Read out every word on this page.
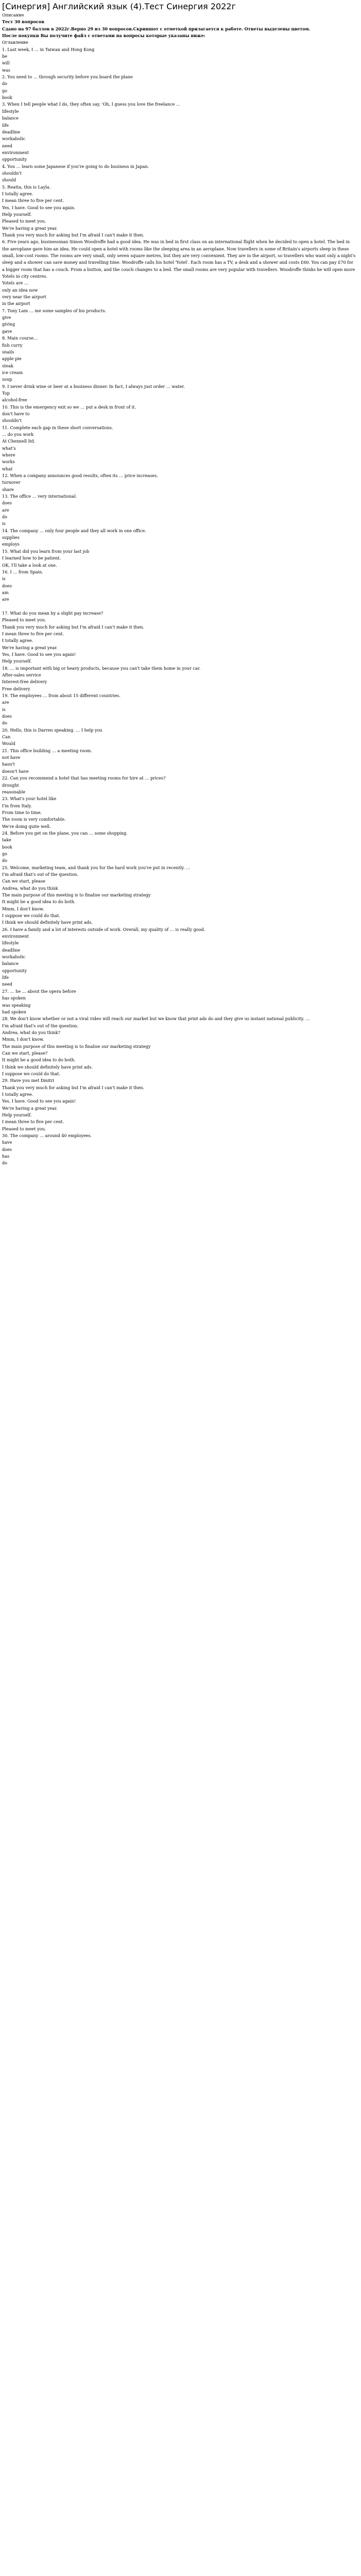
[Синергия] Английский язык (4).Тест Синергия 2022г

Описание

Тест 30 вопросов

Сдано на 97 баллов в 2022г.Верно 29 из 30 вопросов.Скриншот с отметкой прилагается к работе. Ответы выделены цветом.

После покупки Вы получите файл с ответами на вопросы которые указаны ниже:

Оглавление

1. Last week, I … in Taiwan and Hong Kong

be

will

was

2. You need to … through security before you board the plane

do

go

book

3. When I tell people what I do, they often say, 'Oh, I guess you love the freelance …

lifestyle

balance

life

deadline

workaholic

need

environment

opportunity

4. You … learn some Japanese if you're going to do business in Japan.

shouldn't

should

5. Reatta, this is Layla.

I totally agree.

I mean three to five per cent.

Yes, I have. Good to see you again.

Help yourself.

Pleased to meet you.

We're having a great year.

Thank you very much for asking but I'm afraid I can't make it then.

6. Five years ago, businessman Simon Woodroffe had a good idea. He was in bed in first class on an international flight when he decided to open a hotel. The bed in the aeroplane gave him an idea. He could open a hotel with rooms like the sleeping area in an aeroplane. Now travellers in some of Britain's airports sleep in these small, low-cost rooms. The rooms are very small, only seven square metres, but they are very convenient. They are in the airport, so travellers who want only a night's sleep and a shower can save money and travelling time. Woodroffe calls his hotel 'Yotel'. Each room has a TV, a desk and a shower and costs £60. You can pay £70 for a bigger room that has a couch. From a button, and the couch changes to a bed. The small rooms are very popular with travellers. Woodroffe thinks he will open more Yotels in city centres.

Yotels are …

only an idea now

very near the airport

in the airport

7. Tony Lam … me some samples of his products.

give

giving

gave

8. Main course…

fish curry

snails

apple pie

steak

ice cream

soup

9. I never drink wine or beer at a business dinner. In fact, I always just order … water.

Top

alcohol-free

10. This is the emergency exit so we … put a desk in front of it.

don't have to

shouldn't

11. Complete each gap in these short conversations.

… do you work

At Chennell ltd.

what's

where

works

what

12. When a company announces good results, often its … price increases.

turnover

share

13. The office … very international.

does

are

do

is

14. The company … only four people and they all work in one office.

supplies

employs

15. What did you learn from your last job

I learned how to be patient.

OK, I'll take a look at one.

16. I … from Spain.

is

does

am

are

17. What do you mean by a slight pay increase?

Pleased to meet you.

Thank you very much for asking but I'm afraid I can't make it then.

I mean three to five per cent.

I totally agree.

We're having a great year.

Yes, I have. Good to see you again!

Help yourself.

18. … is important with big or heavy products, because you can't take them home in your car.

After-sales service

Interest-free delivery

Free delivery

19. The employees … from about 15 different countries.

are

is

does

do

20. Hello, this is Darren speaking. … I help you

Can

Would

21. This office building … a meeting room.

not have

hasn't

doesn't have

22. Can you recommend a hotel that has meeting rooms for hire at … prices?

drought

reasonable

23. What's your hotel like

I'm from Italy.

From time to time.

The room is very comfortable.

We're doing quite well.

24. Before you get on the plane, you can … some shopping.

take

book

go

do

25. Welcome, marketing team, and thank you for the hard work you've put in recently. …

I'm afraid that's out of the question.

Can we start, please

Andrea, what do you think

The main purpose of this meeting is to finalise our marketing strategy

It might be a good idea to do both.

Mmm, I don't know.

I suppose we could do that.

I think we should definitely have print ads.

26. I have a family and a lot of interests outside of work. Overall, my quality of … is really good.

environment

lifestyle

deadline

workaholic

balance

opportunity

life

need

27. … he … about the opera before

has spoken

was speaking

had spoken

28. We don't know whether or not a viral video will reach our market but we know that print ads do and they give us instant national publicity. …

I'm afraid that's out of the question.

Andrea, what do you think?

Mmm, I don't know.

The main purpose of this meeting is to finalise our marketing strategy

Can we start, please?

It might be a good idea to do both.

I think we should definitely have print ads.

I suppose we could do that.

29. Have you met Dmitri

Thank you very much for asking but I'm afraid I can't make it then.

I totally agree.

Yes, I have. Good to see you again!

We're having a great year.

Help yourself.

I mean three to five per cent.

Pleased to meet you.

30. The company … around 40 employees.

have

does

has

do
